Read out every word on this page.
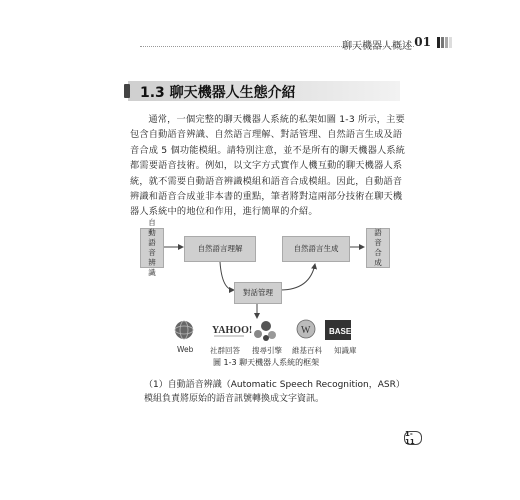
聊天機器人概述 01
1.3 聊天機器人生態介紹
通常，一個完整的聊天機器人系統的私架如圖 1-3 所示，主要包含自動語音辨識、自然語言理解、對話管理、自然語言生成及語音合成 5 個功能模組。請特別注意，並不是所有的聊天機器人系統都需要語音技術。例如，以文字方式實作人機互動的聊天機器人系統，就不需要自動語音辨識模組和語音合成模組。因此，自動語音辨識和語音合成並非本書的重點，筆者將對這兩部分技術在聊天機器人系統中的地位和作用，進行簡單的介紹。
自動語音辨識
自然語言理解	自然語言生成
語音合成
對話管理
YAHOO!	W BASE
Web 社群回答 搜尋引擎 維基百科 知識庫
圖 1-3 聊天機器人系統的框架
（1）自動語音辨識（Automatic Speech Recognition，ASR）模組負責將原始的語音訊號轉換成文字資訊。
1-11
